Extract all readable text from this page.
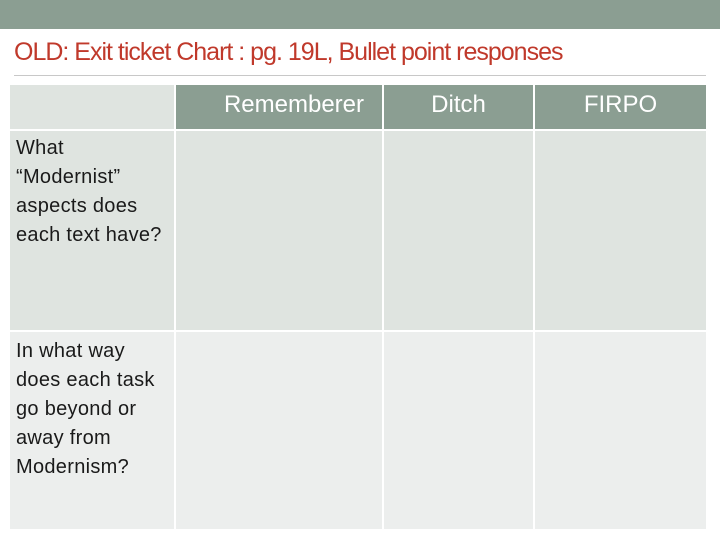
OLD: Exit ticket Chart : pg. 19L, Bullet point responses
	Rememberer	Ditch	FIRPO
What “Modernist” aspects does each text have?			
In what way does each task go beyond or away from Modernism?			
